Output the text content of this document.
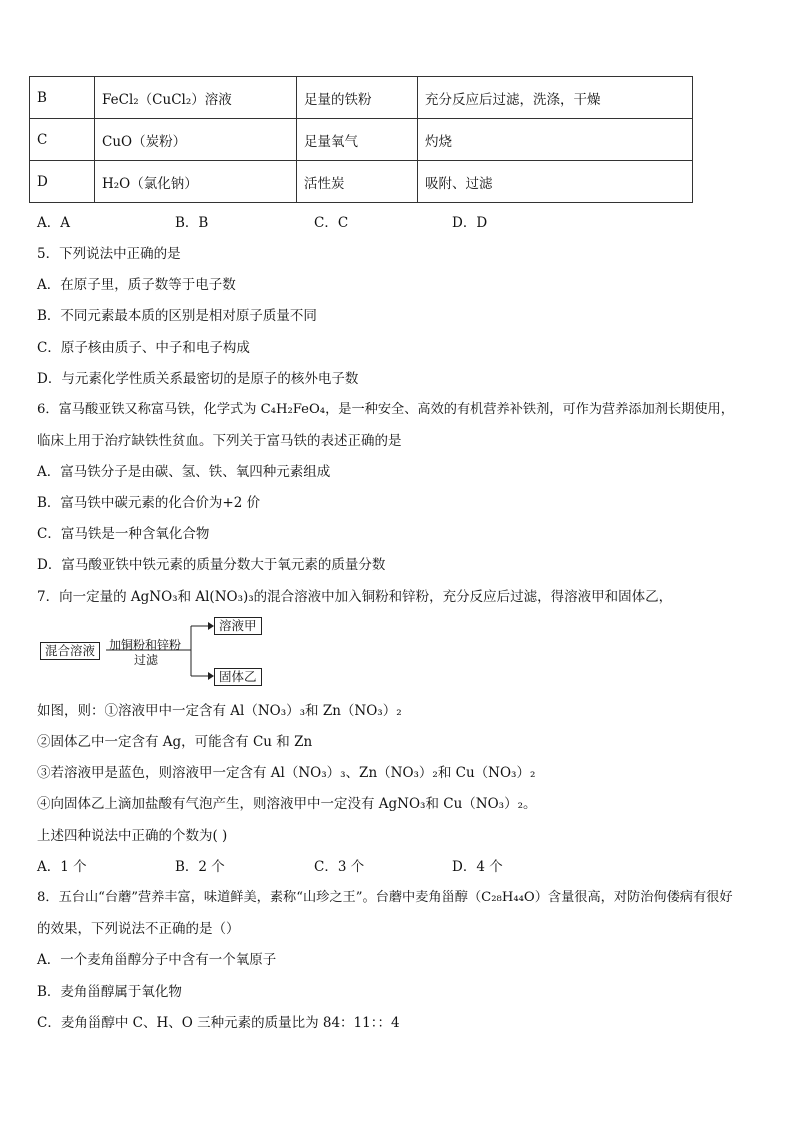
B	FeCl₂（CuCl₂）溶液	足量的铁粉	充分反应后过滤，洗涤，干燥
C	CuO（炭粉）	足量氧气	灼烧
D	H₂O（氯化钠）	活性炭	吸附、过滤
A．A	B．B	C．C	D．D
5．下列说法中正确的是
A．在原子里，质子数等于电子数
B．不同元素最本质的区别是相对原子质量不同
C．原子核由质子、中子和电子构成
D．与元素化学性质关系最密切的是原子的核外电子数
6．富马酸亚铁又称富马铁，化学式为 C₄H₂FeO₄，是一种安全、高效的有机营养补铁剂，可作为营养添加剂长期使用，
临床上用于治疗缺铁性贫血。下列关于富马铁的表述正确的是
A．富马铁分子是由碳、氢、铁、氧四种元素组成
B．富马铁中碳元素的化合价为+2 价
C．富马铁是一种含氧化合物
D．富马酸亚铁中铁元素的质量分数大于氧元素的质量分数
7．向一定量的 AgNO₃和 Al(NO₃)₃的混合溶液中加入铜粉和锌粉，充分反应后过滤，得溶液甲和固体乙，
混合溶液	加铜粉和锌粉
过滤
溶液甲
固体乙
如图，则：①溶液甲中一定含有 Al（NO₃）₃和 Zn（NO₃）₂
②固体乙中一定含有 Ag，可能含有 Cu 和 Zn
③若溶液甲是蓝色，则溶液甲一定含有 Al（NO₃）₃、Zn（NO₃）₂和 Cu（NO₃）₂
④向固体乙上滴加盐酸有气泡产生，则溶液甲中一定没有 AgNO₃和 Cu（NO₃）₂。
上述四种说法中正确的个数为( )
A．1 个	B．2 个	C．3 个	D．4 个
8．五台山“台蘑”营养丰富，味道鲜美，素称“山珍之王”。台蘑中麦角甾醇（C₂₈H₄₄O）含量很高，对防治佝偻病有很好
的效果，下列说法不正确的是（）
A．一个麦角甾醇分子中含有一个氧原子
B．麦角甾醇属于氧化物
C．麦角甾醇中 C、H、O 三种元素的质量比为 84：11：：4
